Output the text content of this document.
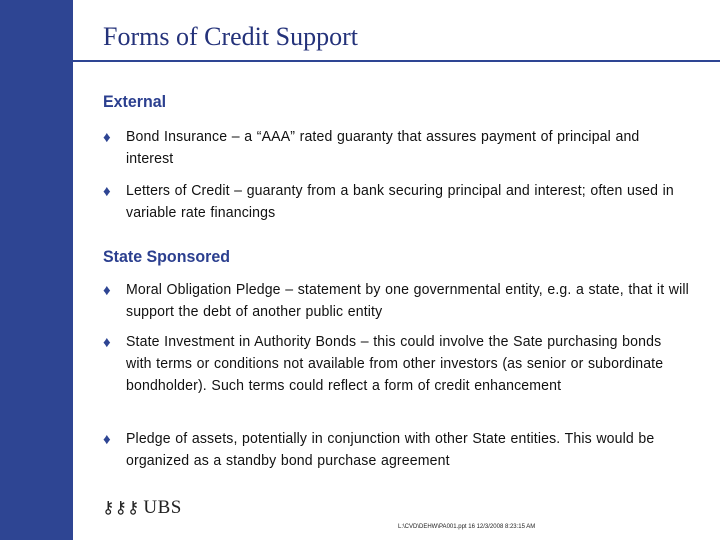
Forms of Credit Support
External
♦ Bond Insurance – a “AAA” rated guaranty that assures payment of principal and interest
♦ Letters of Credit – guaranty from a bank securing principal and interest; often used in variable rate financings
State Sponsored
♦ Moral Obligation Pledge – statement by one governmental entity, e.g. a state, that it will support the debt of another public entity
♦ State Investment in Authority Bonds – this could involve the Sate purchasing bonds with terms or conditions not available from other investors (as senior or subordinate bondholder). Such terms could reflect a form of credit enhancement
♦ Pledge of assets, potentially in conjunction with other State entities. This would be organized as a standby bond purchase agreement
⚷⚷⚷ UBS
L:\CVD\DEHW\PA001.ppt 16 12/3/2008 8:23:15 AM
